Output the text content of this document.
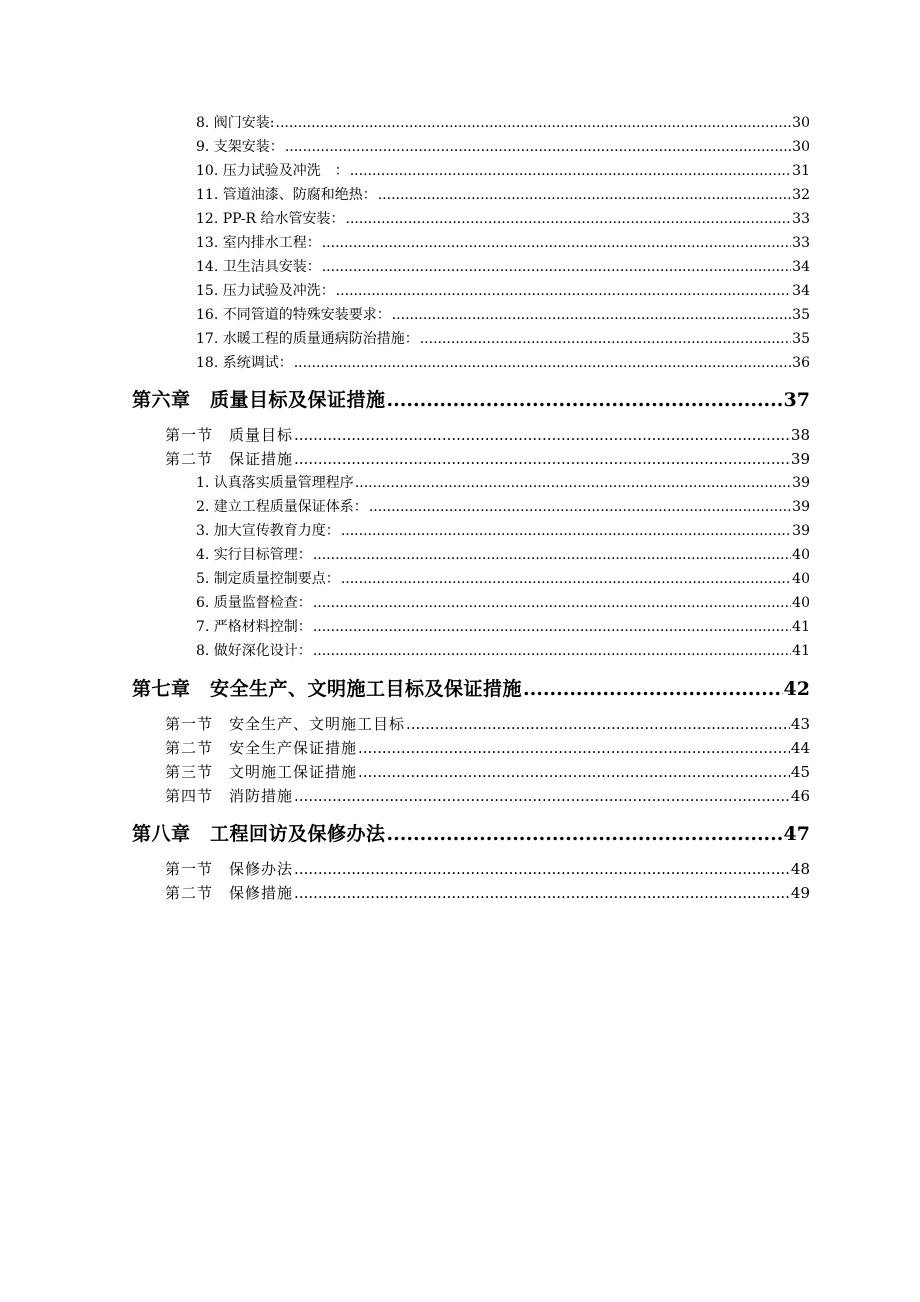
8. 阀门安装: .....	30
9. 支架安装： .....	30
10. 压力试验及冲洗　： .....	31
11. 管道油漆、防腐和绝热： .....	32
12. PP-R 给水管安装： .....	33
13. 室内排水工程： .....	33
14. 卫生洁具安装： .....	34
15. 压力试验及冲洗： .....	34
16. 不同管道的特殊安装要求： .....	35
17. 水暖工程的质量通病防治措施： .....	35
18. 系统调试： .....	36
第六章　质量目标及保证措施 .....	37
第一节　质量目标 .....	38
第二节　保证措施 .....	39
1. 认真落实质量管理程序 .....	39
2. 建立工程质量保证体系： .....	39
3. 加大宣传教育力度： .....	39
4. 实行目标管理： .....	40
5. 制定质量控制要点： .....	40
6. 质量监督检查： .....	40
7. 严格材料控制： .....	41
8. 做好深化设计： .....	41
第七章　安全生产、文明施工目标及保证措施 .....	42
第一节　安全生产、文明施工目标 .....	43
第二节　安全生产保证措施 .....	44
第三节　文明施工保证措施 .....	45
第四节　消防措施 .....	46
第八章　工程回访及保修办法 .....	47
第一节　保修办法 .....	48
第二节　保修措施 .....	49
